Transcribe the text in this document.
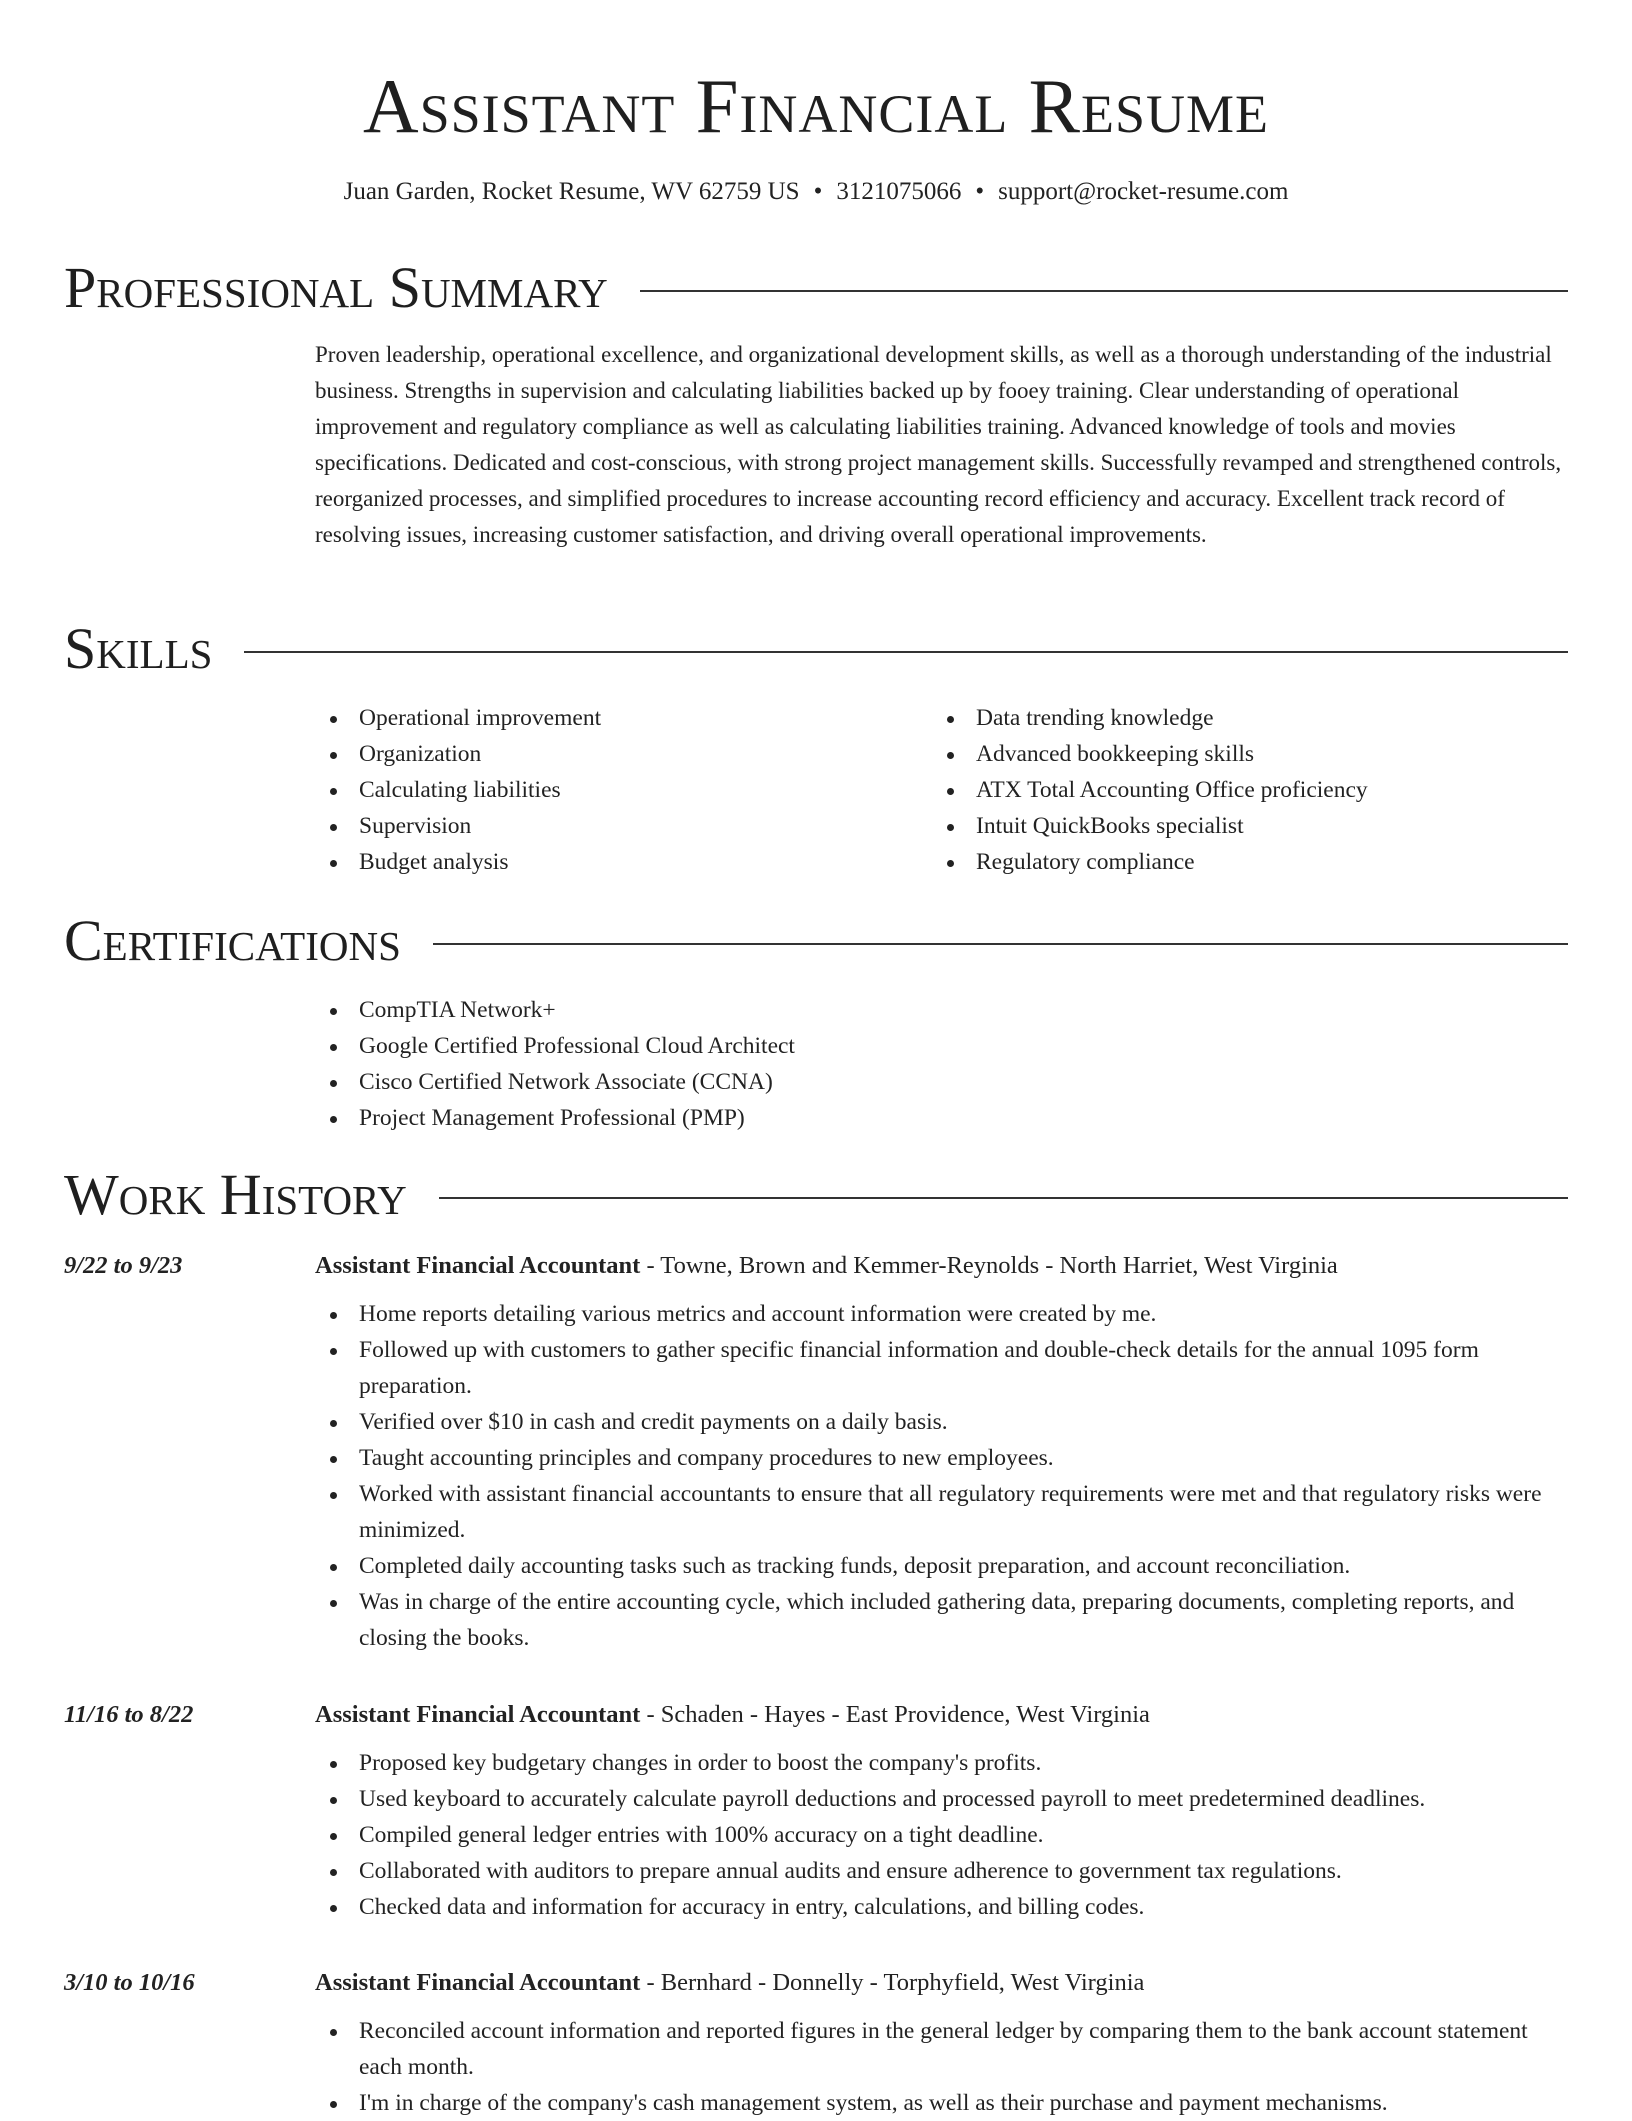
Assistant Financial Resume
Juan Garden, Rocket Resume, WV 62759 US • 3121075066 • support@rocket-resume.com
Professional Summary

Proven leadership, operational excellence, and organizational development skills, as well as a thorough understanding of the industrial business. Strengths in supervision and calculating liabilities backed up by fooey training. Clear understanding of operational improvement and regulatory compliance as well as calculating liabilities training. Advanced knowledge of tools and movies specifications. Dedicated and cost-conscious, with strong project management skills. Successfully revamped and strengthened controls, reorganized processes, and simplified procedures to increase accounting record efficiency and accuracy. Excellent track record of resolving issues, increasing customer satisfaction, and driving overall operational improvements.

Skills
Operational improvement
Organization
Calculating liabilities
Supervision
Budget analysis
Data trending knowledge
Advanced bookkeeping skills
ATX Total Accounting Office proficiency
Intuit QuickBooks specialist
Regulatory compliance
Certifications
CompTIA Network+
Google Certified Professional Cloud Architect
Cisco Certified Network Associate (CCNA)
Project Management Professional (PMP)
Work History
9/22 to 9/23	Assistant Financial Accountant - Towne, Brown and Kemmer-Reynolds - North Harriet, West Virginia
Home reports detailing various metrics and account information were created by me.
Followed up with customers to gather specific financial information and double-check details for the annual 1095 form preparation.
Verified over $10 in cash and credit payments on a daily basis.
Taught accounting principles and company procedures to new employees.
Worked with assistant financial accountants to ensure that all regulatory requirements were met and that regulatory risks were minimized.
Completed daily accounting tasks such as tracking funds, deposit preparation, and account reconciliation.
Was in charge of the entire accounting cycle, which included gathering data, preparing documents, completing reports, and closing the books.
11/16 to 8/22	Assistant Financial Accountant - Schaden - Hayes - East Providence, West Virginia
Proposed key budgetary changes in order to boost the company's profits.
Used keyboard to accurately calculate payroll deductions and processed payroll to meet predetermined deadlines.
Compiled general ledger entries with 100% accuracy on a tight deadline.
Collaborated with auditors to prepare annual audits and ensure adherence to government tax regulations.
Checked data and information for accuracy in entry, calculations, and billing codes.
3/10 to 10/16	Assistant Financial Accountant - Bernhard - Donnelly - Torphyfield, West Virginia
Reconciled account information and reported figures in the general ledger by comparing them to the bank account statement each month.
I'm in charge of the company's cash management system, as well as their purchase and payment mechanisms.
